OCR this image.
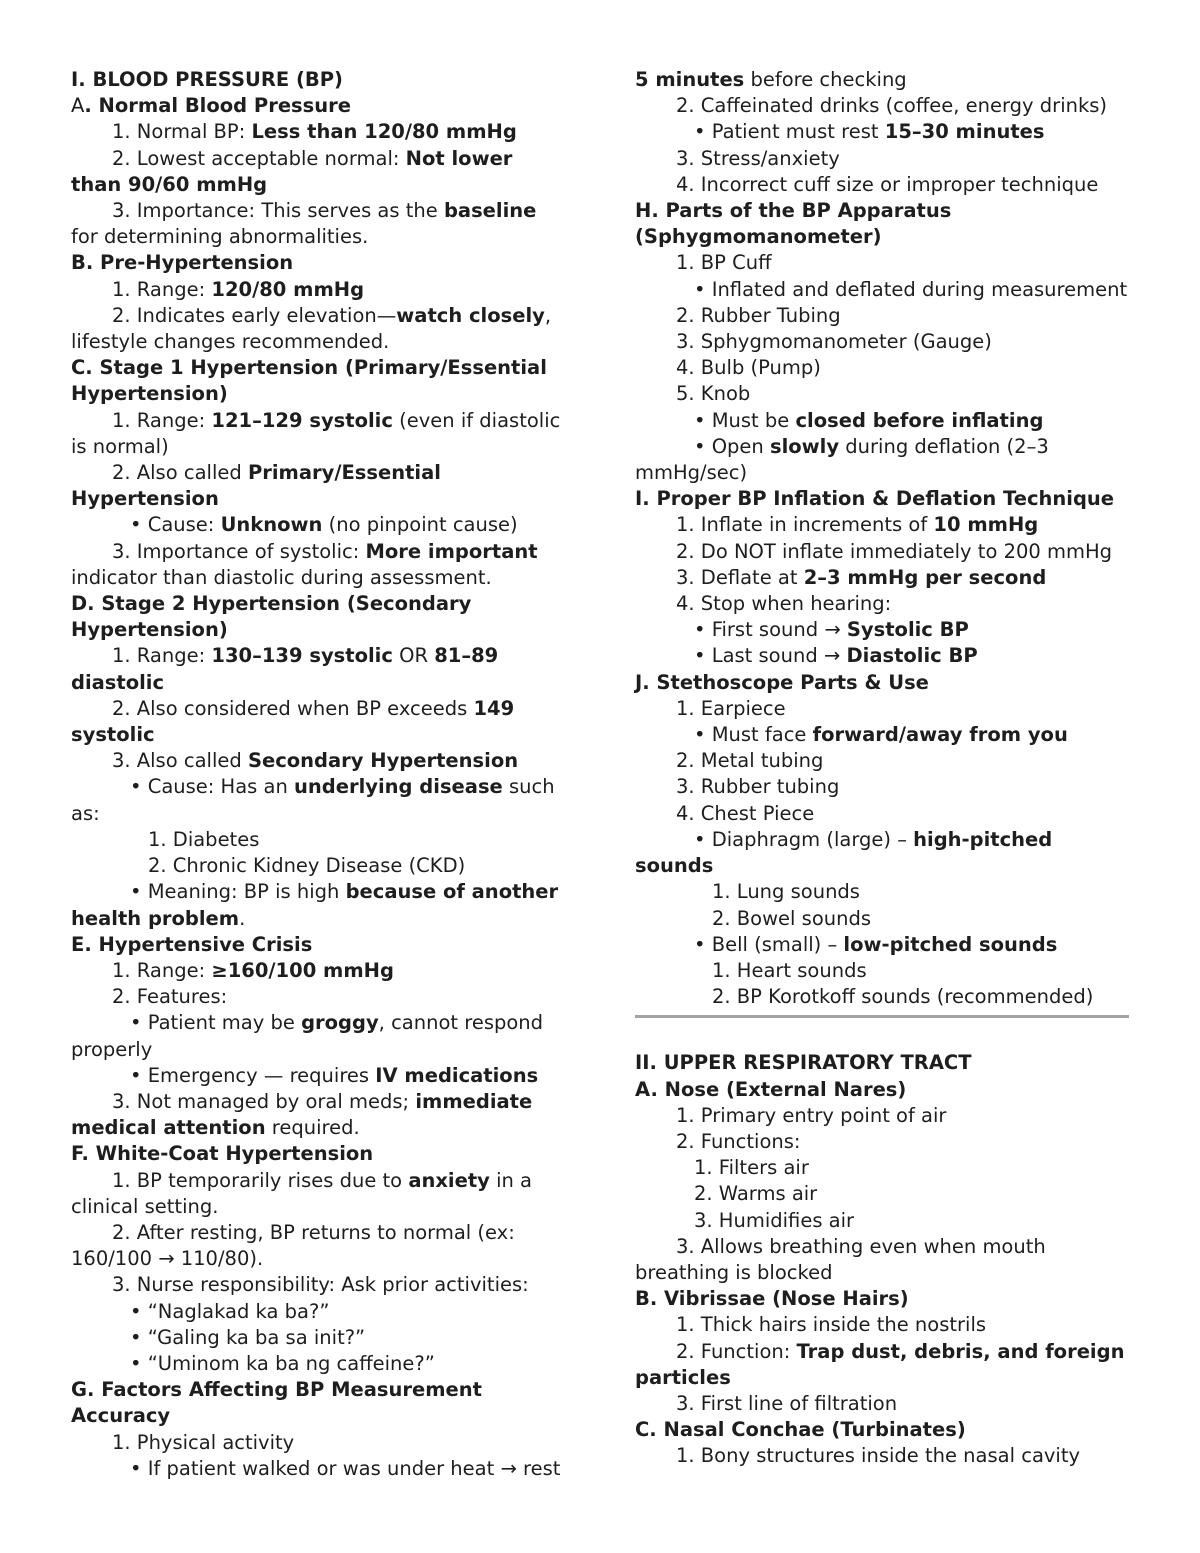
I. BLOOD PRESSURE (BP)
A. Normal Blood Pressure
1. Normal BP: Less than 120/80 mmHg
2. Lowest acceptable normal: Not lower
than 90/60 mmHg
3. Importance: This serves as the baseline
for determining abnormalities.
B. Pre-Hypertension
1. Range: 120/80 mmHg
2. Indicates early elevation—watch closely,
lifestyle changes recommended.
C. Stage 1 Hypertension (Primary/Essential
Hypertension)
1. Range: 121–129 systolic (even if diastolic
is normal)
2. Also called Primary/Essential
Hypertension
• Cause: Unknown (no pinpoint cause)
3. Importance of systolic: More important
indicator than diastolic during assessment.
D. Stage 2 Hypertension (Secondary
Hypertension)
1. Range: 130–139 systolic OR 81–89
diastolic
2. Also considered when BP exceeds 149
systolic
3. Also called Secondary Hypertension
• Cause: Has an underlying disease such
as:
1. Diabetes
2. Chronic Kidney Disease (CKD)
• Meaning: BP is high because of another
health problem.
E. Hypertensive Crisis
1. Range: ≥160/100 mmHg
2. Features:
• Patient may be groggy, cannot respond
properly
• Emergency — requires IV medications
3. Not managed by oral meds; immediate
medical attention required.
F. White-Coat Hypertension
1. BP temporarily rises due to anxiety in a
clinical setting.
2. After resting, BP returns to normal (ex:
160/100 → 110/80).
3. Nurse responsibility: Ask prior activities:
• “Naglakad ka ba?”
• “Galing ka ba sa init?”
• “Uminom ka ba ng caffeine?”
G. Factors Affecting BP Measurement
Accuracy
1. Physical activity
• If patient walked or was under heat → rest
5 minutes before checking
2. Caffeinated drinks (coffee, energy drinks)
• Patient must rest 15–30 minutes
3. Stress/anxiety
4. Incorrect cuff size or improper technique
H. Parts of the BP Apparatus
(Sphygmomanometer)
1. BP Cuff
• Inflated and deflated during measurement
2. Rubber Tubing
3. Sphygmomanometer (Gauge)
4. Bulb (Pump)
5. Knob
• Must be closed before inflating
• Open slowly during deflation (2–3
mmHg/sec)
I. Proper BP Inflation & Deflation Technique
1. Inflate in increments of 10 mmHg
2. Do NOT inflate immediately to 200 mmHg
3. Deflate at 2–3 mmHg per second
4. Stop when hearing:
• First sound → Systolic BP
• Last sound → Diastolic BP
J. Stethoscope Parts & Use
1. Earpiece
• Must face forward/away from you
2. Metal tubing
3. Rubber tubing
4. Chest Piece
• Diaphragm (large) – high-pitched
sounds
1. Lung sounds
2. Bowel sounds
• Bell (small) – low-pitched sounds
1. Heart sounds
2. BP Korotkoff sounds (recommended)
II. UPPER RESPIRATORY TRACT
A. Nose (External Nares)
1. Primary entry point of air
2. Functions:
1. Filters air
2. Warms air
3. Humidifies air
3. Allows breathing even when mouth
breathing is blocked
B. Vibrissae (Nose Hairs)
1. Thick hairs inside the nostrils
2. Function: Trap dust, debris, and foreign
particles
3. First line of filtration
C. Nasal Conchae (Turbinates)
1. Bony structures inside the nasal cavity
